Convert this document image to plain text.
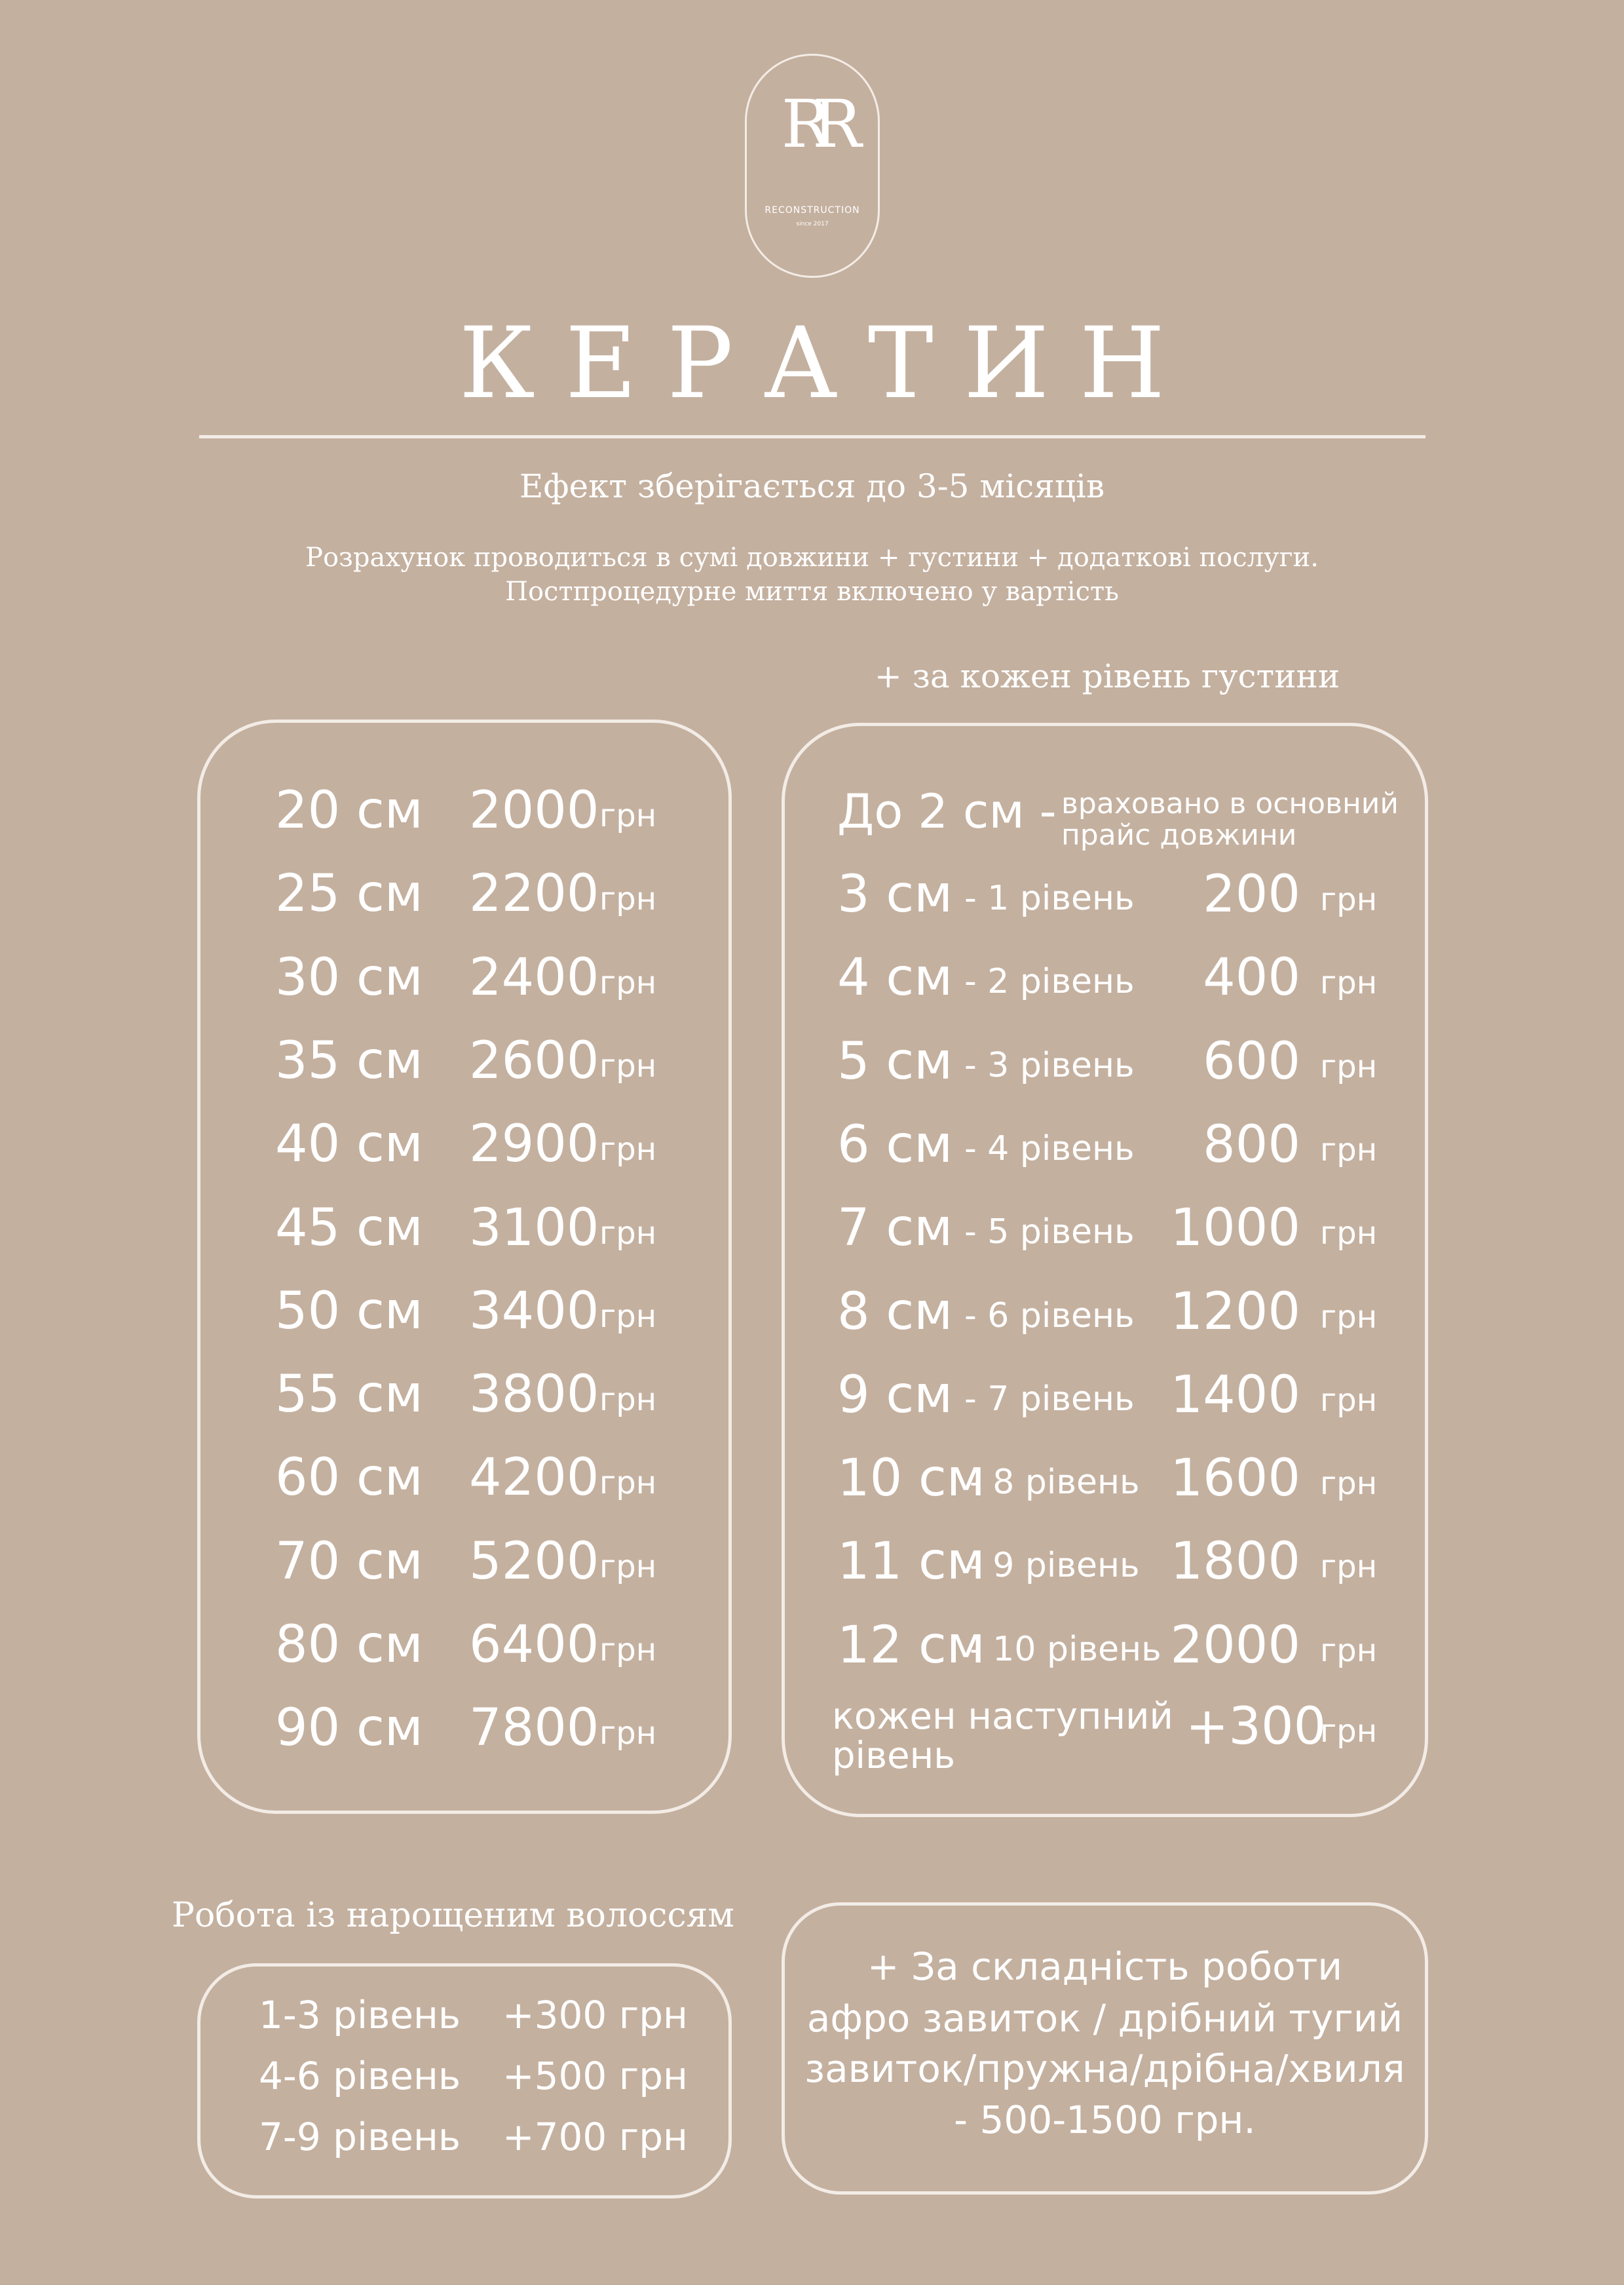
RR
RECONSTRUCTION
since 2017
КЕРАТИН
Ефект зберігається до 3-5 місяців
Розрахунок проводиться в сумі довжини + густини + додаткові послуги.
Постпроцедурне миття включено у вартість
+ за кожен рівень густини
20 см 2000 грн
25 см 2200 грн
30 см 2400 грн
35 см 2600 грн
40 см 2900 грн
45 см 3100 грн
50 см 3400 грн
55 см 3800 грн
60 см 4200 грн
70 см 5200 грн
80 см 6400 грн
90 см 7800 грн
До 2 см - враховано в основний
прайс довжини
3 см - 1 рівень 200 грн
4 см - 2 рівень 400 грн
5 см - 3 рівень 600 грн
6 см - 4 рівень 800 грн
7 см - 5 рівень 1000 грн
8 см - 6 рівень 1200 грн
9 см - 7 рівень 1400 грн
10 см
- 8 рівень 1600 грн
11 см
- 9 рівень 1800 грн
12 см
- 10 рівень 2000 грн
кожен наступний
рівень	+300
грн
Робота із нарощеним волоссям
1-3 рівень +300 грн
4-6 рівень +500 грн
7-9 рівень +700 грн
+ За складність роботи
афро завиток / дрібний тугий
завиток/пружна/дрібна/хвиля
- 500-1500 грн.
